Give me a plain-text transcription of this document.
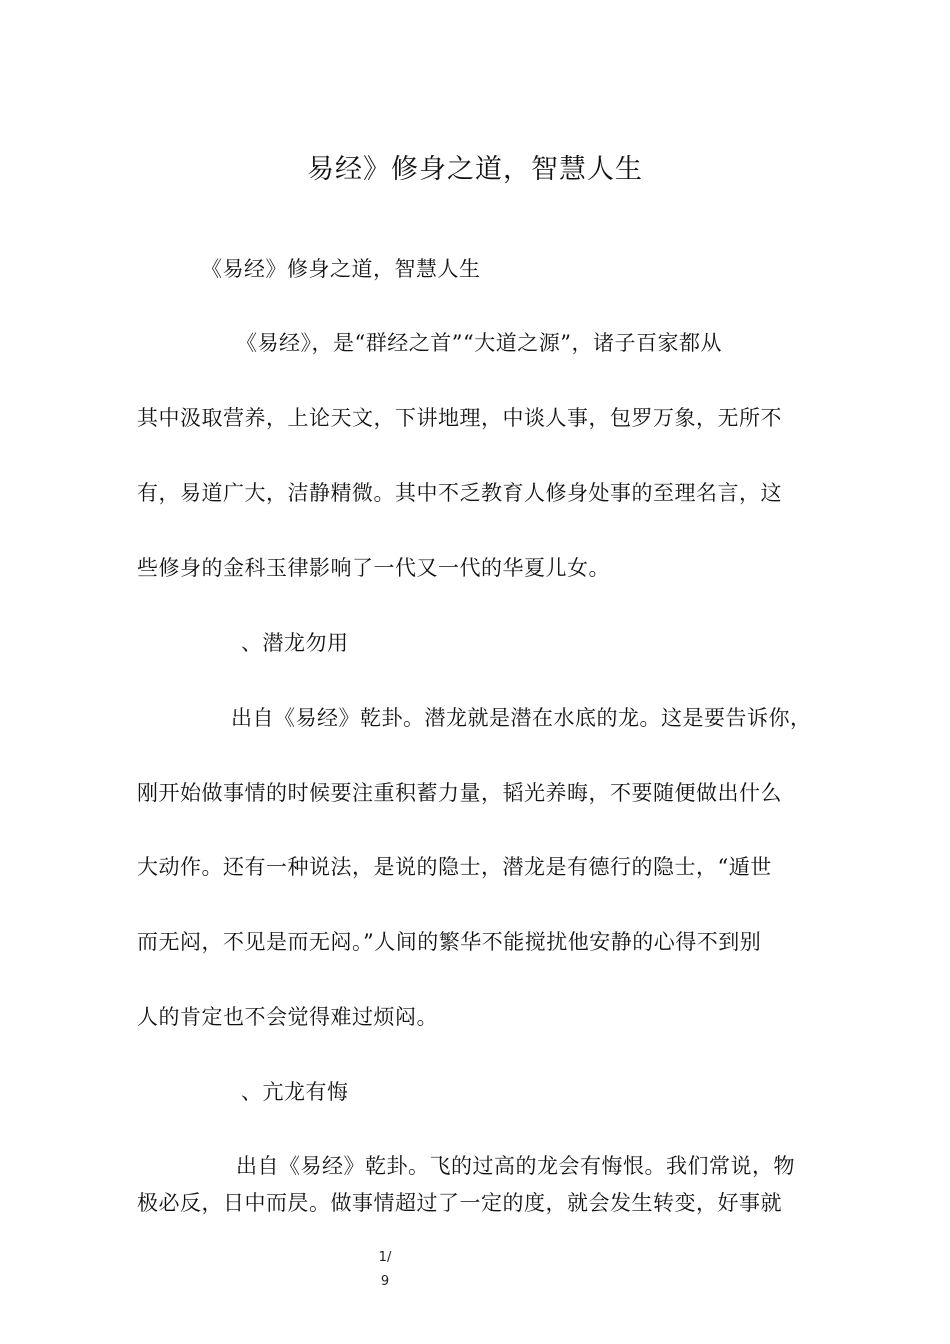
易经》修身之道，智慧人生
《易经》修身之道，智慧人生
《易经》，是“群经之首”“大道之源”，诸子百家都从
其中汲取营养，上论天文，下讲地理，中谈人事，包罗万象，无所不
有，易道广大，洁静精微。其中不乏教育人修身处事的至理名言，这
些修身的金科玉律影响了一代又一代的华夏儿女。
、潜龙勿用
出自《易经》乾卦。潜龙就是潜在水底的龙。这是要告诉你，
刚开始做事情的时候要注重积蓄力量，韬光养晦，不要随便做出什么
大动作。还有一种说法，是说的隐士，潜龙是有德行的隐士，“遁世
而无闷，不见是而无闷。”人间的繁华不能搅扰他安静的心得不到别
人的肯定也不会觉得难过烦闷。
、亢龙有悔
出自《易经》乾卦。飞的过高的龙会有悔恨。我们常说，物
极必反，日中而昃。做事情超过了一定的度，就会发生转变，好事就
1/
9
